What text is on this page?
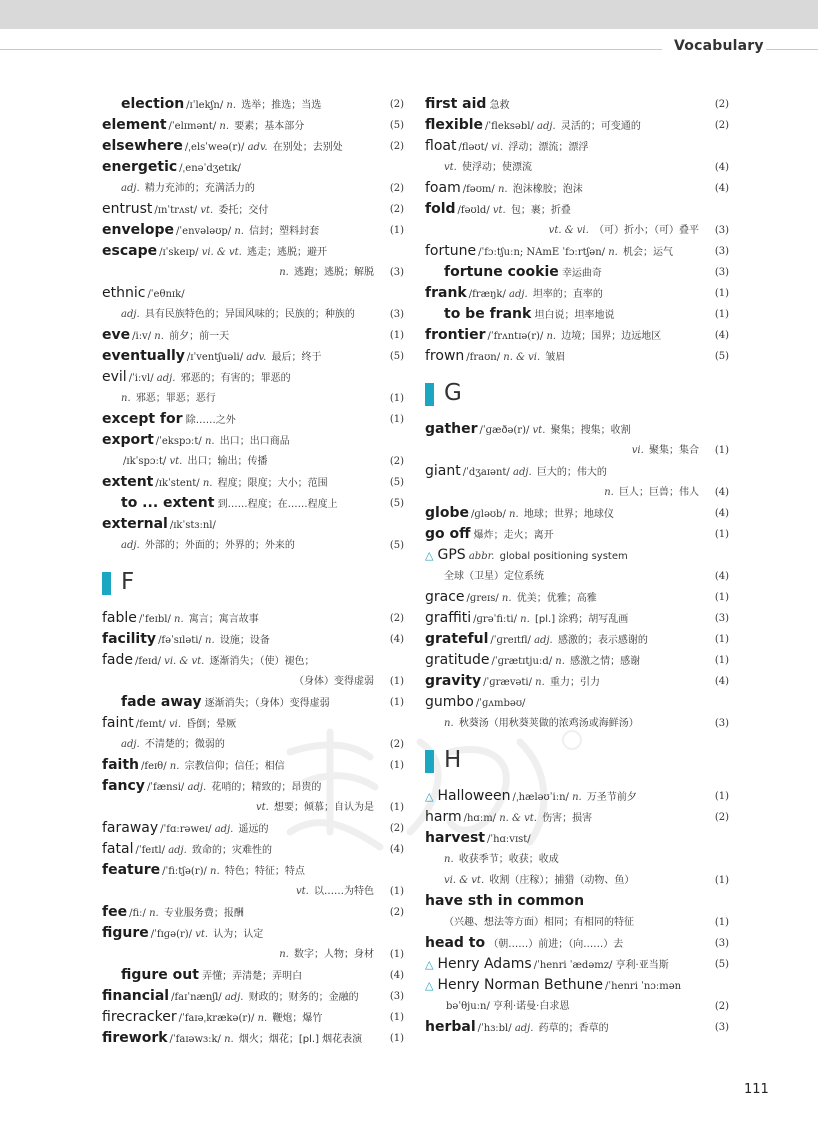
Vocabulary
election /ɪˈlekʃn/ n. 选举；推选；当选	(2)
element /ˈelɪmənt/ n. 要素；基本部分	(5)
elsewhere /ˌelsˈweə(r)/ adv. 在别处；去别处	(2)
energetic /ˌenəˈdʒetɪk/
adj. 精力充沛的；充满活力的	(2)
entrust /ɪnˈtrʌst/ vt. 委托；交付	(2)
envelope /ˈenvələʊp/ n. 信封；塑料封套	(1)
escape /ɪˈskeɪp/ vi. & vt. 逃走；逃脱；避开
n. 逃跑；逃脱；解脱 (3)
ethnic /ˈeθnɪk/
adj. 具有民族特色的；异国风味的；民族的；种族的	(3)
eve /iːv/ n. 前夕；前一天	(1)
eventually /ɪˈventʃuəli/ adv. 最后；终于	(5)
evil /ˈiːvl/ adj. 邪恶的；有害的；罪恶的
n. 邪恶；罪恶；恶行	(1)
except for 除……之外	(1)
export /ˈekspɔːt/ n. 出口；出口商品
/ɪkˈspɔːt/ vt. 出口；输出；传播	(2)
extent /ɪkˈstent/ n. 程度；限度；大小；范围	(5)
to ... extent 到……程度；在……程度上	(5)
external /ɪkˈstɜːnl/
adj. 外部的；外面的；外界的；外来的	(5)
F
fable /ˈfeɪbl/ n. 寓言；寓言故事	(2)
facility /fəˈsɪləti/ n. 设施；设备	(4)
fade /feɪd/ vi. & vt. 逐渐消失；（使）褪色；
（身体）变得虚弱 (1)
fade away 逐渐消失；（身体）变得虚弱	(1)
faint /feɪnt/ vi. 昏倒；晕厥
adj. 不清楚的；微弱的	(2)
faith /feɪθ/ n. 宗教信仰；信任；相信	(1)
fancy /ˈfænsi/ adj. 花哨的；精致的；昂贵的
vt. 想要；倾慕；自认为是 (1)
faraway /ˈfɑːrəweɪ/ adj. 遥远的	(2)
fatal /ˈfeɪtl/ adj. 致命的；灾难性的	(4)
feature /ˈfiːtʃə(r)/ n. 特色；特征；特点
vt. 以……为特色 (1)
fee /fiː/ n. 专业服务费；报酬	(2)
figure /ˈfɪɡə(r)/ vt. 认为；认定
n. 数字；人物；身材 (1)
figure out 弄懂；弄清楚；弄明白	(4)
financial /faɪˈnænʃl/ adj. 财政的；财务的；金融的	(3)
firecracker /ˈfaɪəˌkrækə(r)/ n. 鞭炮；爆竹	(1)
firework /ˈfaɪəwɜːk/ n. 烟火；烟花；[pl.] 烟花表演	(1)
first aid 急救	(2)
flexible /ˈfleksəbl/ adj. 灵活的；可变通的	(2)
float /fləʊt/ vi. 浮动；漂流；漂浮
vt. 使浮动；使漂流	(4)
foam /fəʊm/ n. 泡沫橡胶；泡沫	(4)
fold /fəʊld/ vt. 包；裹；折叠
vt. & vi. （可）折小；（可）叠平 (3)
fortune /ˈfɔːtʃuːn; NAmE ˈfɔːrtʃən/ n. 机会；运气	(3)
fortune cookie 幸运曲奇	(3)
frank /fræŋk/ adj. 坦率的；直率的	(1)
to be frank 坦白说；坦率地说	(1)
frontier /ˈfrʌntɪə(r)/ n. 边境；国界；边远地区	(4)
frown /fraʊn/ n. & vi. 皱眉	(5)
G
gather /ˈɡæðə(r)/ vt. 聚集；搜集；收割
vi. 聚集；集合 (1)
giant /ˈdʒaɪənt/ adj. 巨大的；伟大的
n. 巨人；巨兽；伟人 (4)
globe /ɡləʊb/ n. 地球；世界；地球仪	(4)
go off 爆炸；走火；离开	(1)
△ GPS abbr. global positioning system
全球（卫星）定位系统	(4)
grace /ɡreɪs/ n. 优美；优雅；高雅	(1)
graffiti /ɡrəˈfiːti/ n. [pl.] 涂鸦；胡写乱画	(3)
grateful /ˈɡreɪtfl/ adj. 感激的；表示感谢的	(1)
gratitude /ˈɡrætɪtjuːd/ n. 感激之情；感谢	(1)
gravity /ˈɡrævəti/ n. 重力；引力	(4)
gumbo /ˈɡʌmbəʊ/
n. 秋葵汤（用秋葵荚做的浓鸡汤或海鲜汤）	(3)
H
△ Halloween /ˌhæləʊˈiːn/ n. 万圣节前夕	(1)
harm /hɑːm/ n. & vt. 伤害；损害	(2)
harvest /ˈhɑːvɪst/
n. 收获季节；收获；收成
vi. & vt. 收割（庄稼）；捕猎（动物、鱼）	(1)
have sth in common
（兴趣、想法等方面）相同；有相同的特征	(1)
head to （朝……）前进；（向……）去	(3)
△ Henry Adams /ˈhenri ˈædəmz/ 亨利·亚当斯	(5)
△ Henry Norman Bethune /ˈhenri ˈnɔːmən
bəˈθjuːn/ 亨利·诺曼·白求恩	(2)
herbal /ˈhɜːbl/ adj. 药草的；香草的	(3)
111
